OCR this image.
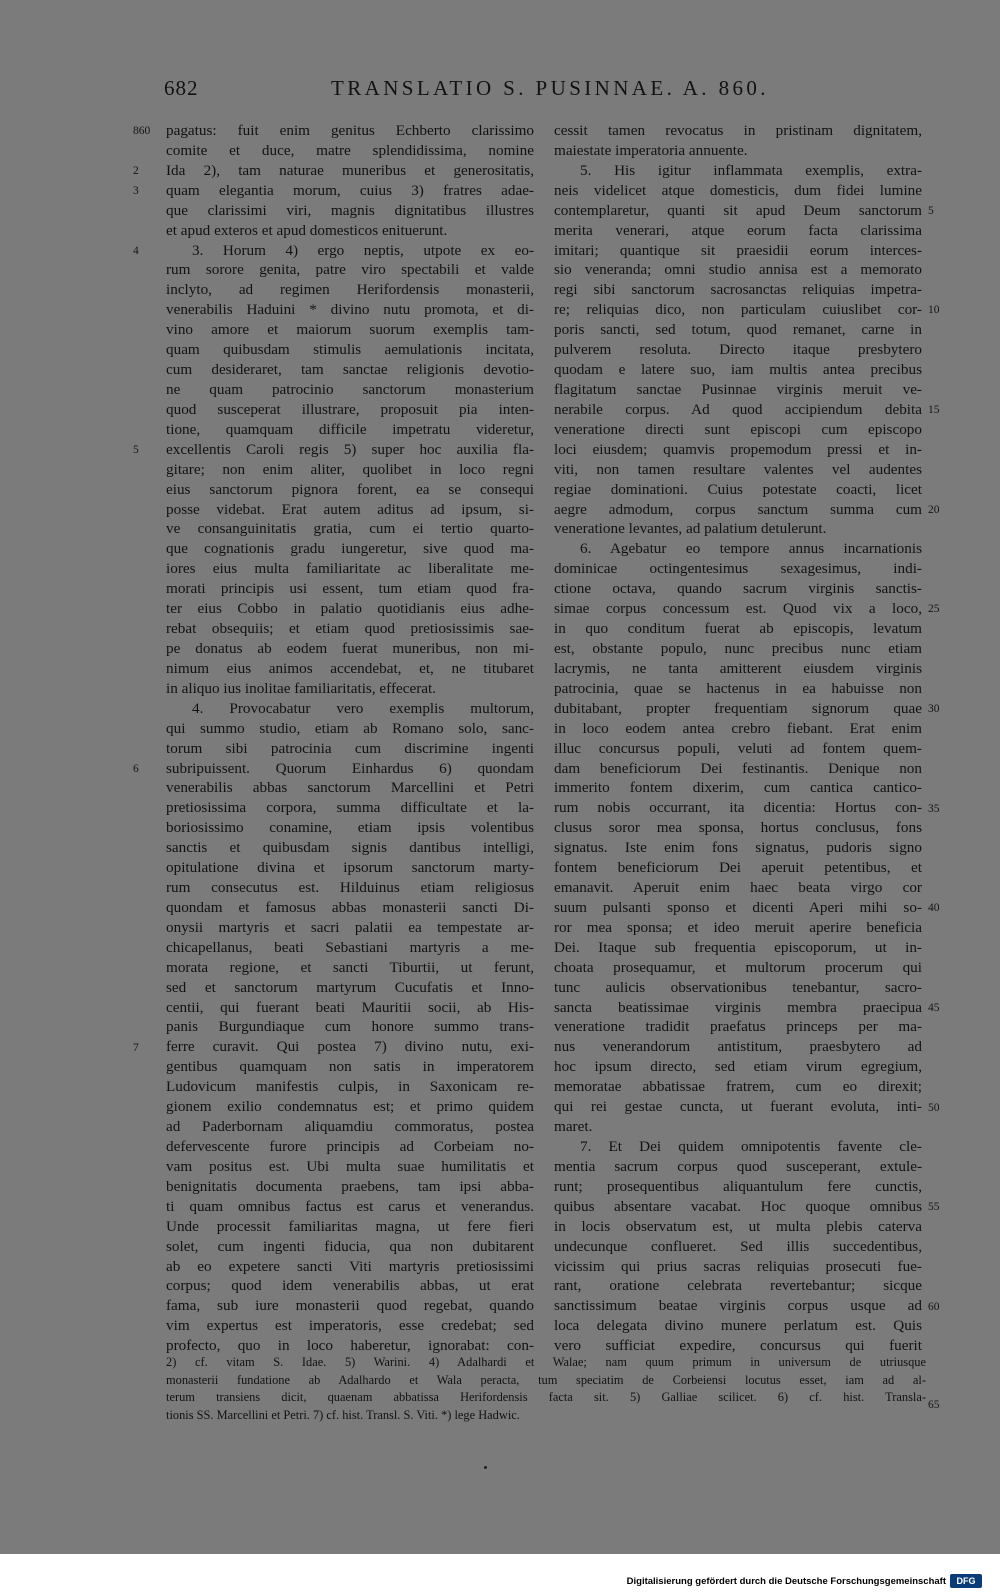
682	TRANSLATIO S. PUSINNAE. A. 860.
pagatus: fuit enim genitus Echberto clarissimo
comite et duce, matre splendidissima, nomine
Ida 2), tam naturae muneribus et generositatis,
quam elegantia morum, cuius 3) fratres adae-
que clarissimi viri, magnis dignitatibus illustres
et apud exteros et apud domesticos enituerunt.
3. Horum 4) ergo neptis, utpote ex eo-
rum sorore genita, patre viro spectabili et valde
inclyto, ad regimen Herifordensis monasterii,
venerabilis Haduini * divino nutu promota, et di-
vino amore et maiorum suorum exemplis tam-
quam quibusdam stimulis aemulationis incitata,
cum desideraret, tam sanctae religionis devotio-
ne quam patrocinio sanctorum monasterium
quod susceperat illustrare, proposuit pia inten-
tione, quamquam difficile impetratu videretur,
excellentis Caroli regis 5) super hoc auxilia fla-
gitare; non enim aliter, quolibet in loco regni
eius sanctorum pignora forent, ea se consequi
posse videbat. Erat autem aditus ad ipsum, si-
ve consanguinitatis gratia, cum ei tertio quarto-
que cognationis gradu iungeretur, sive quod ma-
iores eius multa familiaritate ac liberalitate me-
morati principis usi essent, tum etiam quod fra-
ter eius Cobbo in palatio quotidianis eius adhe-
rebat obsequiis; et etiam quod pretiosissimis sae-
pe donatus ab eodem fuerat muneribus, non mi-
nimum eius animos accendebat, et, ne titubaret
in aliquo ius inolitae familiaritatis, effecerat.
4. Provocabatur vero exemplis multorum,
qui summo studio, etiam ab Romano solo, sanc-
torum sibi patrocinia cum discrimine ingenti
subripuissent. Quorum Einhardus 6) quondam
venerabilis abbas sanctorum Marcellini et Petri
pretiosissima corpora, summa difficultate et la-
boriosissimo conamine, etiam ipsis volentibus
sanctis et quibusdam signis dantibus intelligi,
opitulatione divina et ipsorum sanctorum marty-
rum consecutus est. Hilduinus etiam religiosus
quondam et famosus abbas monasterii sancti Di-
onysii martyris et sacri palatii ea tempestate ar-
chicapellanus, beati Sebastiani martyris a me-
morata regione, et sancti Tiburtii, ut ferunt,
sed et sanctorum martyrum Cucufatis et Inno-
centii, qui fuerant beati Mauritii socii, ab His-
panis Burgundiaque cum honore summo trans-
ferre curavit. Qui postea 7) divino nutu, exi-
gentibus quamquam non satis in imperatorem
Ludovicum manifestis culpis, in Saxonicam re-
gionem exilio condemnatus est; et primo quidem
ad Paderbornam aliquamdiu commoratus, postea
defervescente furore principis ad Corbeiam no-
vam positus est. Ubi multa suae humilitatis et
benignitatis documenta praebens, tam ipsi abba-
ti quam omnibus factus est carus et venerandus.
Unde processit familiaritas magna, ut fere fieri
solet, cum ingenti fiducia, qua non dubitarent
ab eo expetere sancti Viti martyris pretiosissimi
corpus; quod idem venerabilis abbas, ut erat
fama, sub iure monasterii quod regebat, quando
vim expertus est imperatoris, esse credebat; sed
profecto, quo in loco haberetur, ignorabat: con-
cessit tamen revocatus in pristinam dignitatem,
maiestate imperatoria annuente.
5. His igitur inflammata exemplis, extra-
neis videlicet atque domesticis, dum fidei lumine
contemplaretur, quanti sit apud Deum sanctorum
merita venerari, atque eorum facta clarissima
imitari; quantique sit praesidii eorum interces-
sio veneranda; omni studio annisa est a memorato
regi sibi sanctorum sacrosanctas reliquias impetra-
re; reliquias dico, non particulam cuiuslibet cor-
poris sancti, sed totum, quod remanet, carne in
pulverem resoluta. Directo itaque presbytero
quodam e latere suo, iam multis antea precibus
flagitatum sanctae Pusinnae virginis meruit ve-
nerabile corpus. Ad quod accipiendum debita
veneratione directi sunt episcopi cum episcopo
loci eiusdem; quamvis propemodum pressi et in-
viti, non tamen resultare valentes vel audentes
regiae dominationi. Cuius potestate coacti, licet
aegre admodum, corpus sanctum summa cum
veneratione levantes, ad palatium detulerunt.
6. Agebatur eo tempore annus incarnationis
dominicae octingentesimus sexagesimus, indi-
ctione octava, quando sacrum virginis sanctis-
simae corpus concessum est. Quod vix a loco,
in quo conditum fuerat ab episcopis, levatum
est, obstante populo, nunc precibus nunc etiam
lacrymis, ne tanta amitterent eiusdem virginis
patrocinia, quae se hactenus in ea habuisse non
dubitabant, propter frequentiam signorum quae
in loco eodem antea crebro fiebant. Erat enim
illuc concursus populi, veluti ad fontem quem-
dam beneficiorum Dei festinantis. Denique non
immerito fontem dixerim, cum cantica cantico-
rum nobis occurrant, ita dicentia: Hortus con-
clusus soror mea sponsa, hortus conclusus, fons
signatus. Iste enim fons signatus, pudoris signo
fontem beneficiorum Dei aperuit petentibus, et
emanavit. Aperuit enim haec beata virgo cor
suum pulsanti sponso et dicenti Aperi mihi so-
ror mea sponsa; et ideo meruit aperire beneficia
Dei. Itaque sub frequentia episcoporum, ut in-
choata prosequamur, et multorum procerum qui
tunc aulicis observationibus tenebantur, sacro-
sancta beatissimae virginis membra praecipua
veneratione tradidit praefatus princeps per ma-
nus venerandorum antistitum, praesbytero ad
hoc ipsum directo, sed etiam virum egregium,
memoratae abbatissae fratrem, cum eo direxit;
qui rei gestae cuncta, ut fuerant evoluta, inti-
maret.
7. Et Dei quidem omnipotentis favente cle-
mentia sacrum corpus quod susceperant, extule-
runt; prosequentibus aliquantulum fere cunctis,
quibus absentare vacabat. Hoc quoque omnibus
in locis observatum est, ut multa plebis caterva
undecunque conflueret. Sed illis succedentibus,
vicissim qui prius sacras reliquias prosecuti fue-
rant, oratione celebrata revertebantur; sicque
sanctissimum beatae virginis corpus usque ad
loca delegata divino munere perlatum est. Quis
vero sufficiat expedire, concursus qui fuerit
860
2
3
4
5
6
7
5
10
15
20
25
30
35
40
45
50
55
60
2) cf. vitam S. Idae. 5) Warini. 4) Adalhardi et Walae; nam quum primum in universum de utriusque
monasterii fundatione ab Adalhardo et Wala peracta, tum speciatim de Corbeiensi locutus esset, iam ad al-
terum transiens dicit, quaenam abbatissa Herifordensis facta sit. 5) Galliae scilicet. 6) cf. hist. Transla-
tionis SS. Marcellini et Petri. 7) cf. hist. Transl. S. Viti. *) lege Hadwic.
65
Digitalisierung gefördert durch die Deutsche Forschungsgemeinschaft	DFG
